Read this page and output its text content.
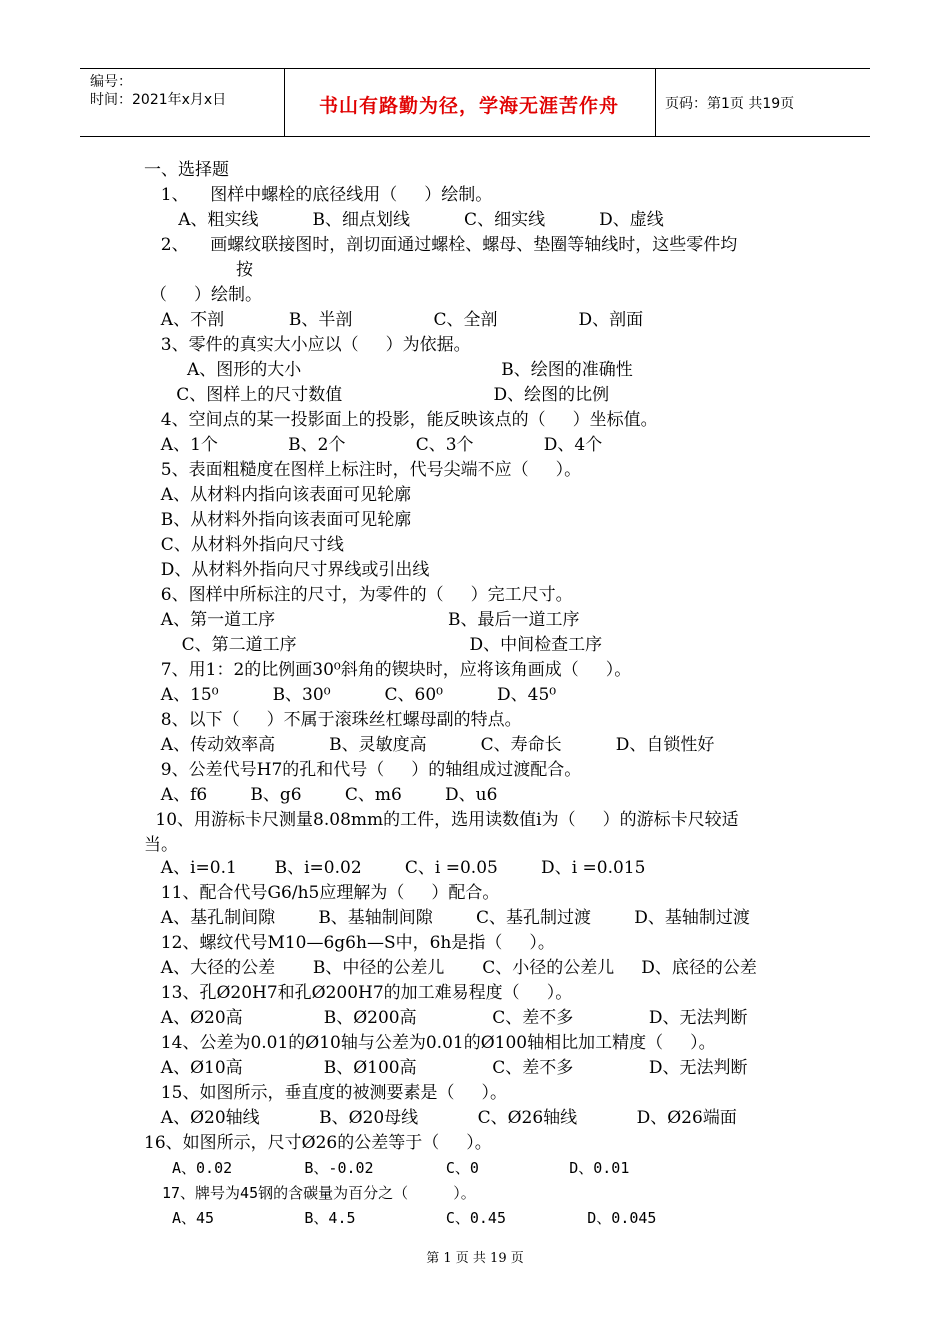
编号：
时间：2021年x月x日	书山有路勤为径，学海无涯苦作舟	页码：第1页 共19页
一、选择题
1、    图样中螺栓的底径线用（     ）绘制。
A、粗实线          B、细点划线          C、细实线          D、虚线
2、    画螺纹联接图时，剖切面通过螺栓、螺母、垫圈等轴线时，这些零件均
按
（     ）绘制。
A、不剖            B、半剖               C、全剖               D、剖面
3、零件的真实大小应以（     ）为依据。
A、图形的大小                                     B、绘图的准确性
C、图样上的尺寸数值                            D、绘图的比例
4、空间点的某一投影面上的投影，能反映该点的（     ）坐标值。
A、1个             B、2个             C、3个             D、4个
5、表面粗糙度在图样上标注时，代号尖端不应（     ）。
A、从材料内指向该表面可见轮廓
B、从材料外指向该表面可见轮廓
C、从材料外指向尺寸线
D、从材料外指向尺寸界线或引出线
6、图样中所标注的尺寸，为零件的（     ）完工尺寸。
A、第一道工序                                B、最后一道工序
C、第二道工序                                D、中间检查工序
7、用1：2的比例画30⁰斜角的锲块时，应将该角画成（     ）。
A、15⁰          B、30⁰          C、60⁰          D、45⁰
8、以下（     ）不属于滚珠丝杠螺母副的特点。
A、传动效率高          B、灵敏度高          C、寿命长          D、自锁性好
9、公差代号H7的孔和代号（     ）的轴组成过渡配合。
A、f6        B、g6        C、m6        D、u6
10、用游标卡尺测量8.08mm的工件，选用读数值i为（     ）的游标卡尺较适
当。
A、i=0.1       B、i=0.02        C、i =0.05        D、i =0.015
11、配合代号G6/h5应理解为（     ）配合。
A、基孔制间隙        B、基轴制间隙        C、基孔制过渡        D、基轴制过渡
12、螺纹代号M10—6g6h—S中，6h是指（     ）。
A、大径的公差       B、中径的公差儿       C、小径的公差儿     D、底径的公差
13、孔Ø20H7和孔Ø200H7的加工难易程度（     ）。
A、Ø20高               B、Ø200高              C、差不多              D、无法判断
14、公差为0.01的Ø10轴与公差为0.01的Ø100轴相比加工精度（     ）。
A、Ø10高               B、Ø100高              C、差不多              D、无法判断
15、如图所示，垂直度的被测要素是（     ）。
A、Ø20轴线           B、Ø20母线           C、Ø26轴线           D、Ø26端面
16、如图所示，尺寸Ø26的公差等于（     ）。
A、0.02        B、-0.02        C、0          D、0.01
17、牌号为45钢的含碳量为百分之（     ）。
A、45          B、4.5          C、0.45         D、0.045
第 1 页 共 19 页
